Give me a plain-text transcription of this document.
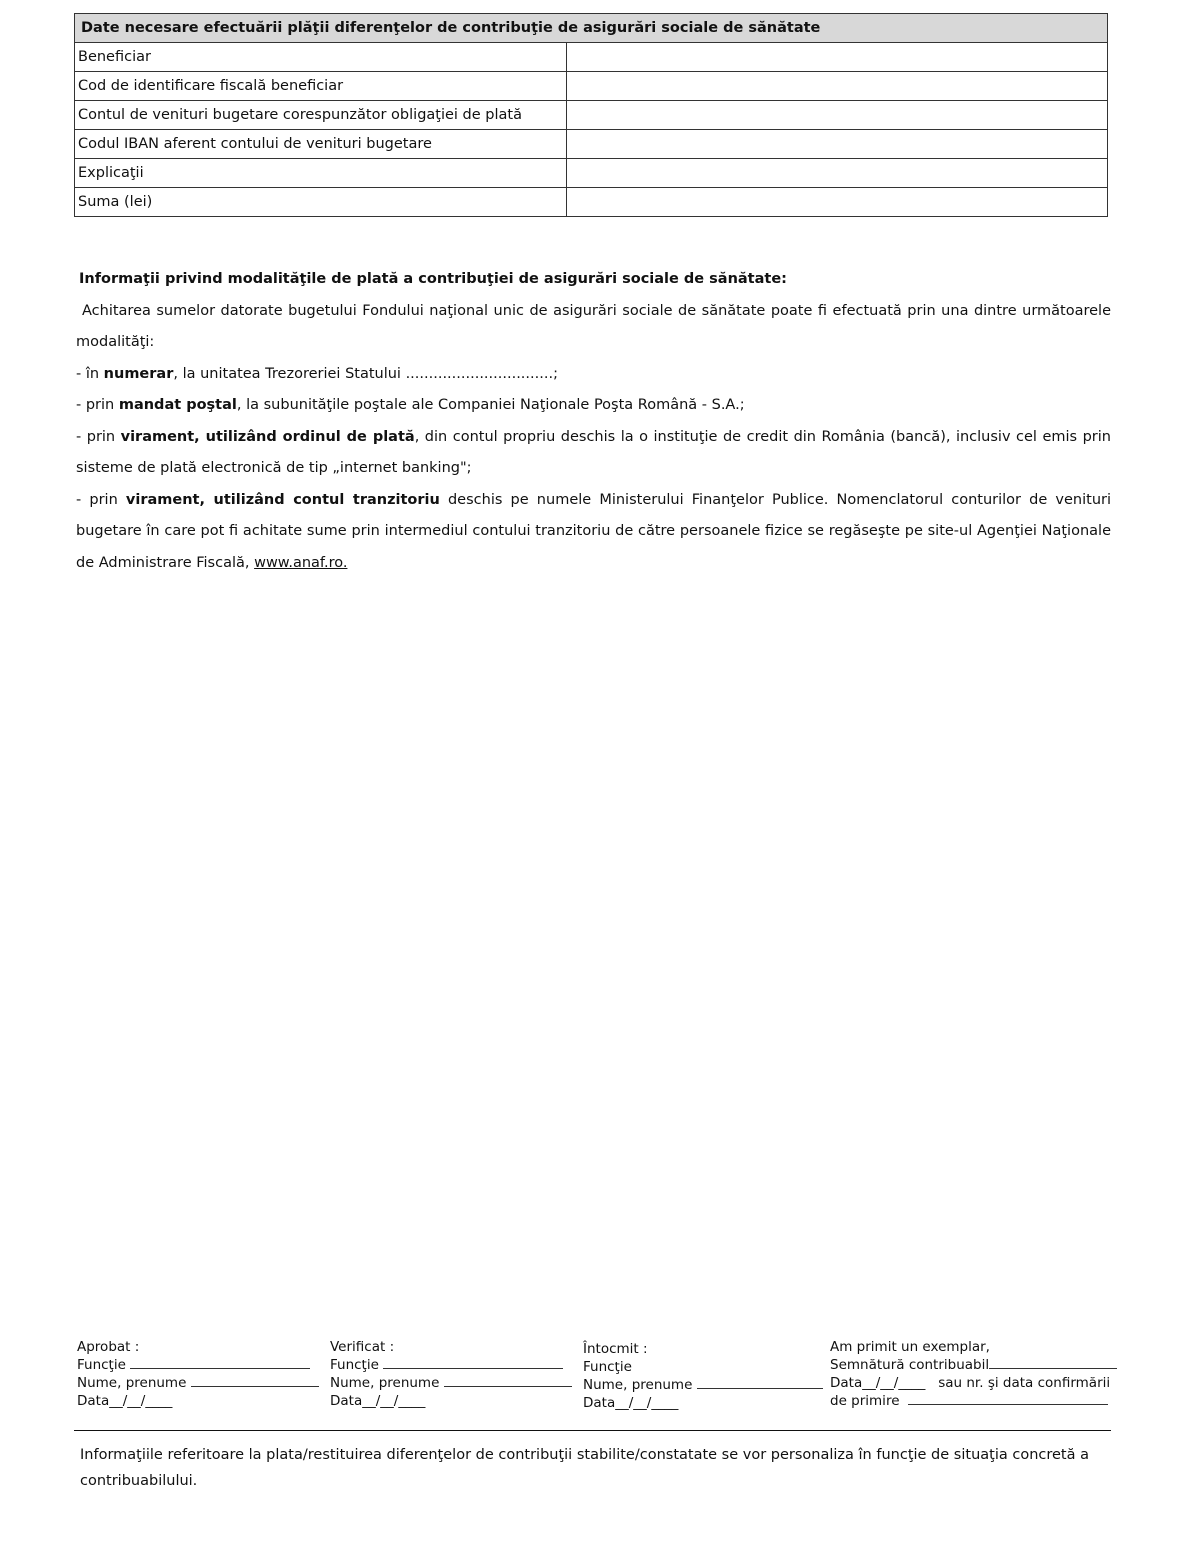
Date necesare efectuării plăţii diferenţelor de contribuţie de asigurări sociale de sănătate	
Beneficiar	
Cod de identificare fiscală beneficiar	
Contul de venituri bugetare corespunzător obligaţiei de plată	
Codul IBAN aferent contului de venituri bugetare	
Explicaţii	
Suma (lei)	

Informaţii privind modalităţile de plată a contribuţiei de asigurări sociale de sănătate:

Achitarea sumelor datorate bugetului Fondului naţional unic de asigurări sociale de sănătate poate fi efectuată prin una dintre următoarele modalităţi:

- în numerar, la unitatea Trezoreriei Statului ................................;

- prin mandat poştal, la subunităţile poştale ale Companiei Naţionale Poşta Română - S.A.;

- prin virament, utilizând ordinul de plată, din contul propriu deschis la o instituţie de credit din România (bancă), inclusiv cel emis prin sisteme de plată electronică de tip „internet banking";

- prin virament, utilizând contul tranzitoriu deschis pe numele Ministerului Finanţelor Publice. Nomenclatorul conturilor de venituri bugetare în care pot fi achitate sume prin intermediul contului tranzitoriu de către persoanele fizice se regăseşte pe site-ul Agenţiei Naţionale de Administrare Fiscală, www.anaf.ro.

Aprobat :
Funcţie
Nume, prenume
Data__/__/____
Verificat :
Funcţie
Nume, prenume
Data__/__/____
Întocmit :
Funcţie
Nume, prenume
Data__/__/____
Am primit un exemplar,
Semnătură contribuabil
Data__/__/____ sau nr. şi data confirmării
de primire
Informaţiile referitoare la plata/restituirea diferenţelor de contribuţii stabilite/constatate se vor personaliza în funcţie de situaţia concretă a contribuabilului.
